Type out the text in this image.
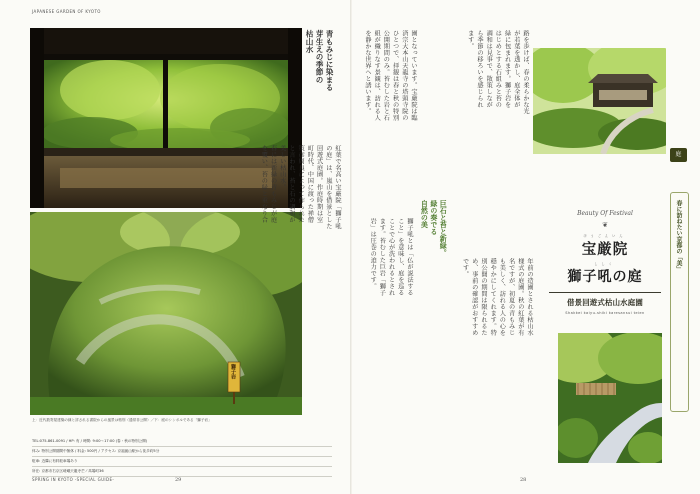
JAPANESE GARDEN OF KYOTO
獅子岩
上：近代数寄屋建築の縁と詳される書院からの風景は格別（通常非公開）／下：庭のシンボルである「獅子岩」
TEL:075-861-0091 / HP: 有 / 時間: 9:00〜17:00 (春・秋の特別公開)
休み: 特別公開期間中無休 / 料金: 500円 / アクセス: 京福嵐山駅から徒歩約5分
駐車: 近隣に有料駐車場あり
所在: 京都市右京区嵯峨天龍寺芒ノ馬場町36
SPRING IN KYOTO -SPECIAL GUIDE-	29
青もみじに染まる
芽生えの季節の
枯山水
紅葉で名高い宝厳院「獅子吼
の庭」は、嵐山を借景とした
回遊式庭園。作庭時期は室
町時代、中国に渡った禅僧
策彦周良によって作られた
と言われ、苔と石の調和が
美しい枯山水。
春には新緑の青もみじが庭
を覆い、苔の緑と重なり合
園となっています。宝厳院は臨
済宗大本山天龍寺の塔頭寺院の
ひとつで、拝観は春と秋の特別
公開期間のみ。苔むした岩と石
組が織りなす景観は、訪れる人
を静かな世界へと誘います。
巨石と苔と新緑。
緑の奏でる
自然の美
獅子吼とは「仏が説法する
こと」を意味し、庭を巡る
ことで心が洗われるとされ
ます。苔むした巨岩「獅子
岩」は圧巻の迫力です。
路を歩けば、春の柔らかな光
が若葉を透かし、庭全体が
緑に包まれます。獅子岩を
はじめとする石組みと苔の
調和は見事で、散策しなが
ら季節の移ろいを感じられ
ます。
年前の造園とされる枯山水
様式の庭園。秋の紅葉が有
名ですが、初夏の青もみじ
も美しく、訪れる人の心を
穏やかにしてくれます。特
別公開の期間は限られるた
め、事前の確認がおすすめ
です。
Beauty Of Festival
❦
ほうごんいん
宝厳院
ししく
獅子吼の庭
借景回遊式枯山水庭園
Shakkei kaiyu-shiki karesansui teien
28
春に訪ねたい京都の「美」
庭
